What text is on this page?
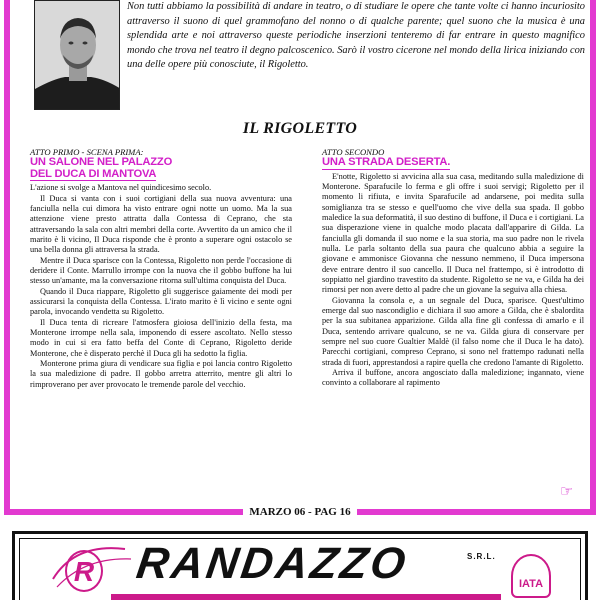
Non tutti abbiamo la possibilità di andare in teatro, o di studiare le opere che tante volte ci hanno incuriosito attraverso il suono di quel grammofano del nonno o di qualche parente; quel suono che la musica è una splendida arte e noi attraverso queste periodiche inserzioni tenteremo di far entrare in questo magnifico mondo che trova nel teatro il degno palcoscenico. Sarò il vostro cicerone nel mondo della lirica iniziando con una delle opere più conosciute, il Rigoletto.
IL RIGOLETTO
ATTO PRIMO - SCENA PRIMA:
UN SALONE NEL PALAZZO
DEL DUCA DI MANTOVA

L'azione si svolge a Mantova nel quindicesimo secolo.

Il Duca si vanta con i suoi cortigiani della sua nuova avventura: una fanciulla nella cui dimora ha visto entrare ogni notte un uomo. Ma la sua attenzione viene presto attratta dalla Contessa di Ceprano, che sta attraversando la sala con altri membri della corte. Avvertito da un amico che il marito è li vicino, Il Duca risponde che è pronto a superare ogni ostacolo se una bella donna gli attraversa la strada.

Mentre il Duca sparisce con la Contessa, Rigoletto non perde l'occasione di deridere il Conte. Marrullo irrompe con la nuova che il gobbo buffone ha lui stesso un'amante, ma la conversazione ritorna sull'ultima conquista del Duca.

Quando il Duca riappare, Rigoletto gli suggerisce gaiamente dei modi per assicurarsi la conquista della Contessa. L'irato marito è lì vicino e sente ogni parola, invocando vendetta su Rigoletto.

Il Duca tenta di ricreare l'atmosfera gioiosa dell'inizio della festa, ma Monterone irrompe nella sala, imponendo di essere ascoltato. Nello stesso modo in cui si era fatto beffa del Conte di Ceprano, Rigoletto deride Monterone, che è disperato perchè il Duca gli ha sedotto la figlia.

Monterone prima giura di vendicare sua figlia e poi lancia contro Rigoletto la sua maledizione di padre. Il gobbo arretra atterrito, mentre gli altri lo rimproverano per aver provocato le tremende parole del vecchio.

ATTO SECONDO
UNA STRADA DESERTA.

E'notte, Rigoletto si avvicina alla sua casa, meditando sulla maledizione di Monterone. Sparafucile lo ferma e gli offre i suoi servigi; Rigoletto per il momento li rifiuta, e invita Sparafucile ad andarsene, poi medita sulla somiglianza tra se stesso e quell'uomo che vive della sua spada. Il gobbo maledice la sua deformatità, il suo destino di buffone, il Duca e i cortigiani. La sua disperazione viene in qualche modo placata dall'apparire di Gilda. La fanciulla gli domanda il suo nome e la sua storia, ma suo padre non le rivela nulla. Le parla soltanto della sua paura che qualcuno abbia a seguire la giovane e ammonisce Giovanna che nessuno nemmeno, il Duca impersona deve entrare dentro il suo cancello. Il Duca nel frattempo, si è introdotto di soppiatto nel giardino travestito da studente. Rigoletto se ne va, e Gilda ha dei rimorsi per non avere detto al padre che un giovane la seguiva alla chiesa.

Giovanna la consola e, a un segnale del Duca, sparisce. Quest'ultimo emerge dal suo nascondiglio e dichiara il suo amore a Gilda, che è sbalordita per la sua subitanea apparizione. Gilda alla fine gli confessa di amarlo e il Duca, sentendo arrivare qualcuno, se ne va. Gilda giura di conservare per sempre nel suo cuore Gualtier Maldè (il falso nome che il Duca le ha dato). Parecchi cortigiani, compreso Ceprano, si sono nel frattempo radunati nella strada di fuori, apprestandosi a rapire quella che credono l'amante di Rigoletto.

Arriva il buffone, ancora angosciato dalla maledizione; ingannato, viene convinto a collaborare al rapimento

☞
MARZO 06 - PAG 16
R RANDAZZO	S.R.L.
IATA
